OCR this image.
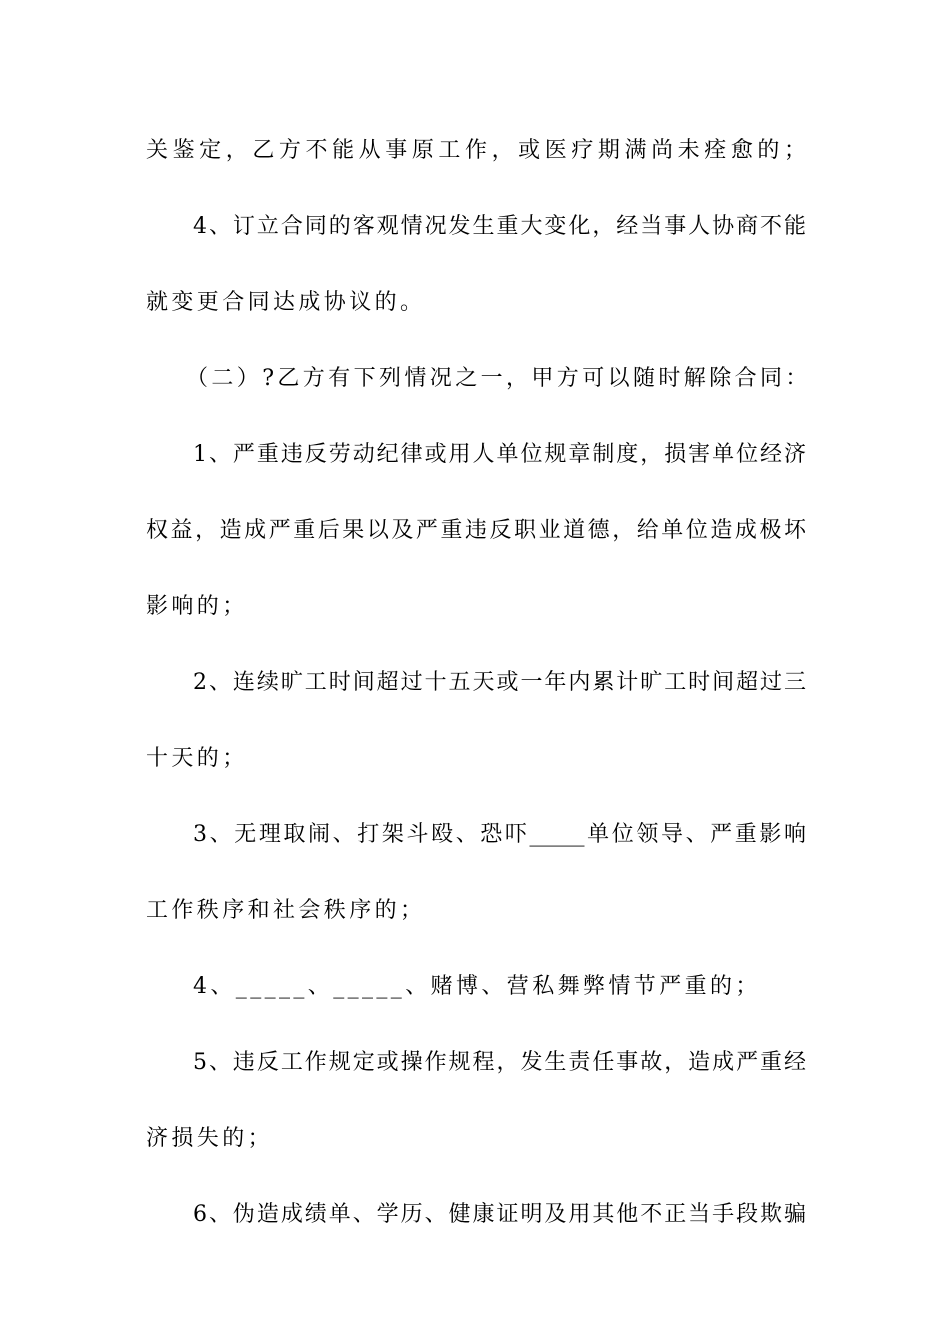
关鉴定，乙方不能从事原工作，或医疗期满尚未痊愈的；
4、订立合同的客观情况发生重大变化，经当事人协商不能
就变更合同达成协议的。
（二）?乙方有下列情况之一，甲方可以随时解除合同：
1、严重违反劳动纪律或用人单位规章制度，损害单位经济
权益，造成严重后果以及严重违反职业道德，给单位造成极坏
影响的；
2、连续旷工时间超过十五天或一年内累计旷工时间超过三
十天的；
3、无理取闹、打架斗殴、恐吓_____单位领导、严重影响
工作秩序和社会秩序的；
4、_____、_____、赌博、营私舞弊情节严重的；
5、违反工作规定或操作规程，发生责任事故，造成严重经
济损失的；
6、伪造成绩单、学历、健康证明及用其他不正当手段欺骗
